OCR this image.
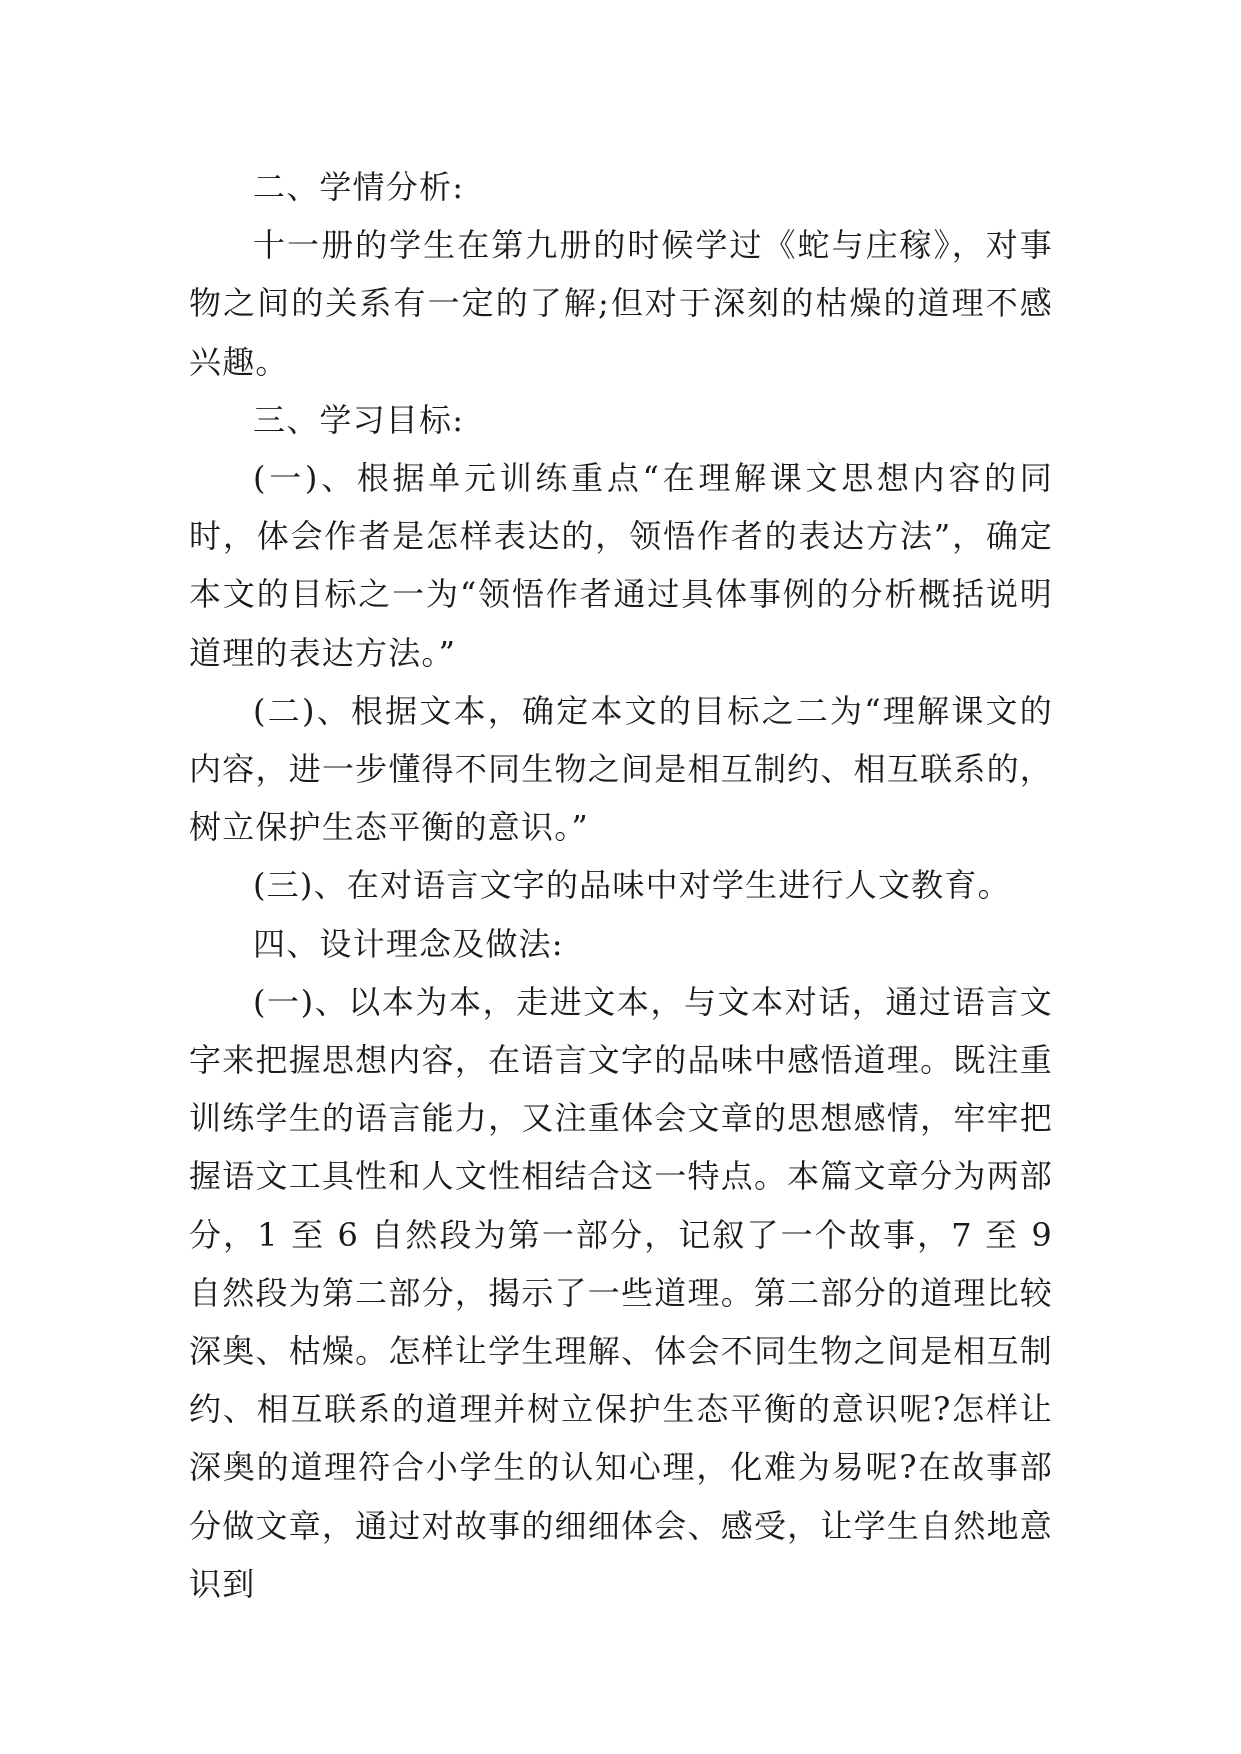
二、学情分析:

十一册的学生在第九册的时候学过《蛇与庄稼》，对事物之间的关系有一定的了解;但对于深刻的枯燥的道理不感兴趣。

三、学习目标:

(一)、根据单元训练重点“在理解课文思想内容的同时，体会作者是怎样表达的，领悟作者的表达方法”，确定本文的目标之一为“领悟作者通过具体事例的分析概括说明道理的表达方法。”

(二)、根据文本，确定本文的目标之二为“理解课文的内容，进一步懂得不同生物之间是相互制约、相互联系的，树立保护生态平衡的意识。”

(三)、在对语言文字的品味中对学生进行人文教育。

四、设计理念及做法:

(一)、以本为本，走进文本，与文本对话，通过语言文字来把握思想内容，在语言文字的品味中感悟道理。既注重训练学生的语言能力，又注重体会文章的思想感情，牢牢把握语文工具性和人文性相结合这一特点。本篇文章分为两部分，1 至 6 自然段为第一部分，记叙了一个故事，7 至 9 自然段为第二部分，揭示了一些道理。第二部分的道理比较深奥、枯燥。怎样让学生理解、体会不同生物之间是相互制约、相互联系的道理并树立保护生态平衡的意识呢?怎样让深奥的道理符合小学生的认知心理，化难为易呢?在故事部分做文章，通过对故事的细细体会、感受，让学生自然地意识到
